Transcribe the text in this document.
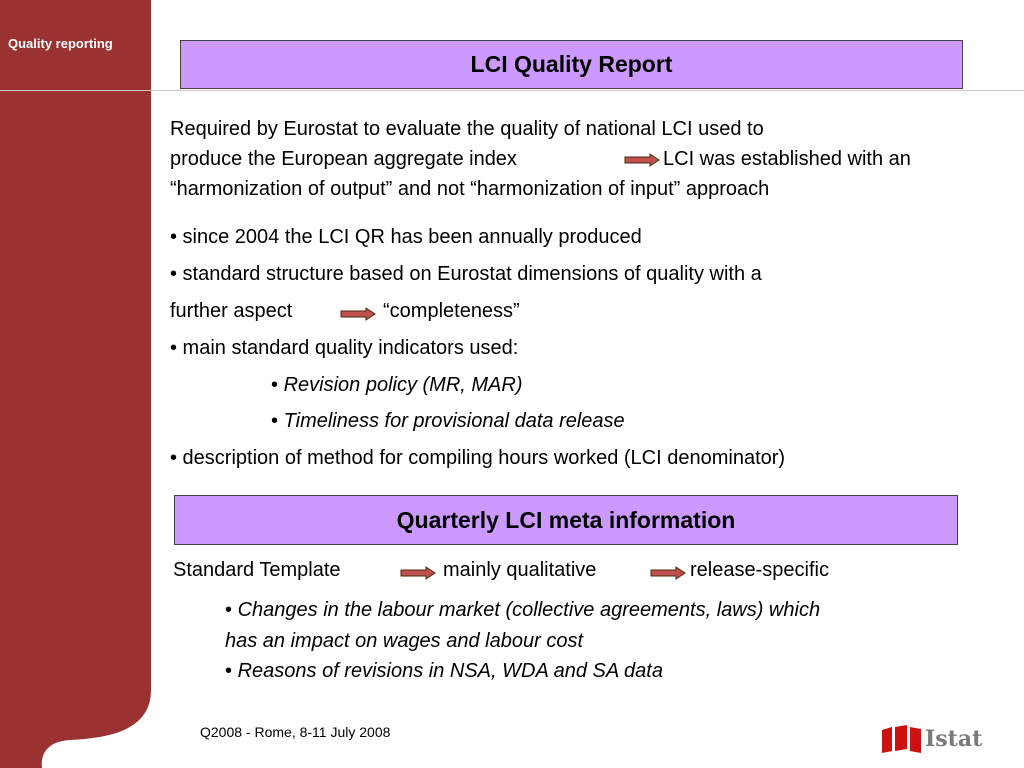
Quality reporting
LCI Quality Report
Required by Eurostat to evaluate the quality of national LCI used to
produce the European aggregate index	LCI was established with an
“harmonization of output” and not “harmonization of input” approach
• since 2004 the LCI QR has been annually produced
• standard structure based on Eurostat dimensions of quality with a
further aspect	“completeness”
• main standard quality indicators used:
• Revision policy (MR, MAR)
• Timeliness for provisional data release
• description of method for compiling hours worked (LCI denominator)
Quarterly LCI meta information
Standard Template	mainly qualitative	release-specific
• Changes in the labour market (collective agreements, laws) which
has an impact on wages and labour cost
• Reasons of revisions in NSA, WDA and SA data
Q2008 - Rome, 8-11 July 2008	Istat
